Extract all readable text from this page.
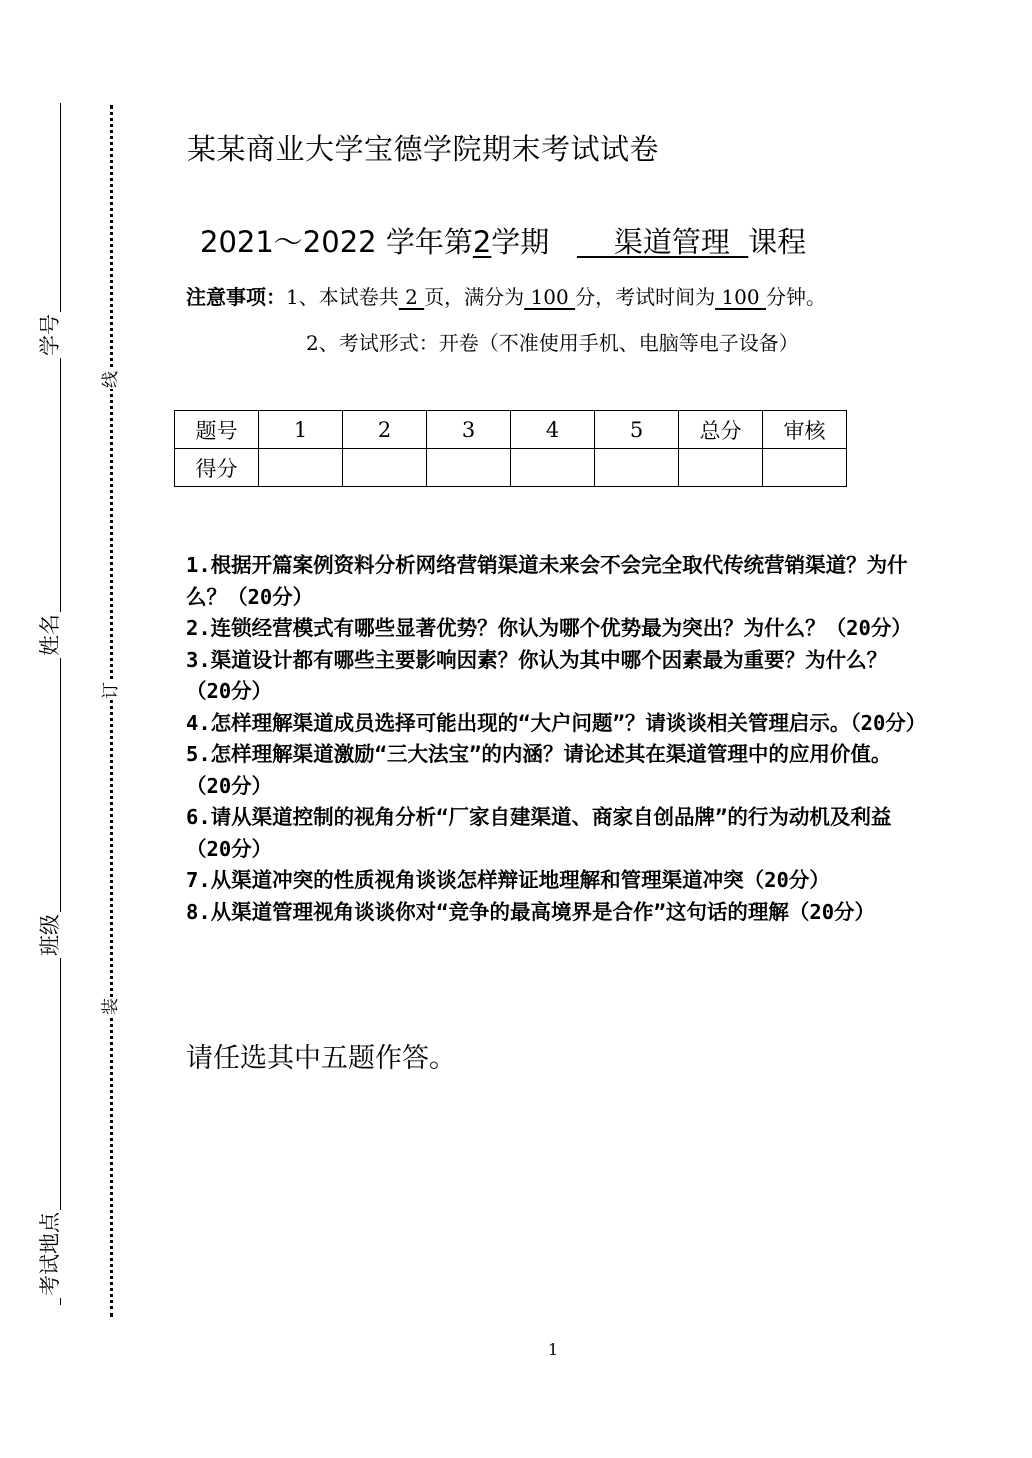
学号
姓名
班级
考试地点
线
订
装
某某商业大学宝德学院期末考试试卷
2021～2022 学年第2学期       渠道管理  课程
注意事项：1、本试卷共 2 页，满分为 100 分，考试时间为 100 分钟。
2、考试形式：开卷（不准使用手机、电脑等电子设备）
题号	1	2	3	4	5	总分	审核
得分							
1.根据开篇案例资料分析网络营销渠道未来会不会完全取代传统营销渠道？为什么？（20分）
2.连锁经营模式有哪些显著优势？你认为哪个优势最为突出？为什么？（20分）
3.渠道设计都有哪些主要影响因素？你认为其中哪个因素最为重要？为什么？（20分）
4.怎样理解渠道成员选择可能出现的“大户问题”？请谈谈相关管理启示。（20分）
5.怎样理解渠道激励“三大法宝”的内涵？请论述其在渠道管理中的应用价值。（20分）
6.请从渠道控制的视角分析“厂家自建渠道、商家自创品牌”的行为动机及利益（20分）
7.从渠道冲突的性质视角谈谈怎样辩证地理解和管理渠道冲突（20分）
8.从渠道管理视角谈谈你对“竞争的最高境界是合作”这句话的理解（20分）
请任选其中五题作答。
1
